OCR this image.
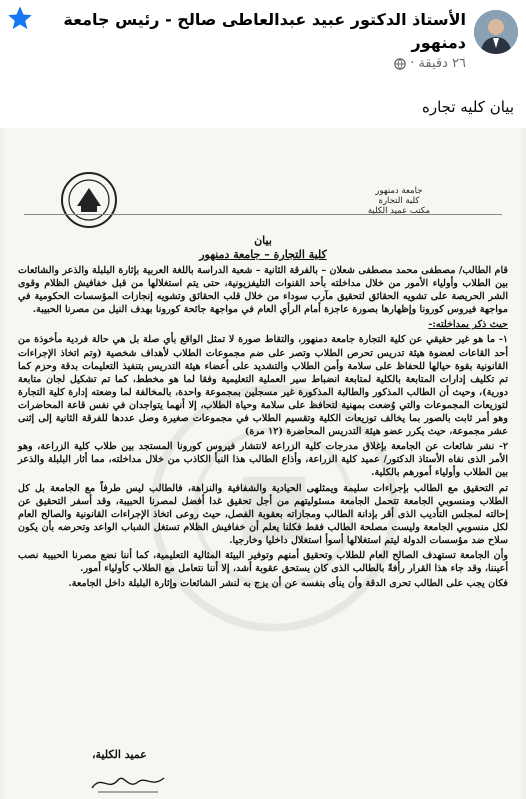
الأستاذ الدكتور عبيد عبدالعاطى صالح - رئيس جامعة دمنهور
٢٦ دقيقة
·
بيان كليه تجاره
جامعة دمنهور
كلية التجارة
مكتب عميد الكلية
بيان
كلية التجارة – جامعة دمنهور

قام الطالب/ مصطفى محمد مصطفى شعلان – بالفرقة الثانية – شعبة الدراسة باللغة العربية بإثارة البلبلة والذعر والشائعات بين الطلاب وأولياء الأمور من خلال مداخلته بأحد القنوات التليفزيونية، حتى يتم استغلالها من قبل خفافيش الظلام وقوى الشر الحريصة على تشويه الحقائق لتحقيق مآرب سوداء من خلال قلب الحقائق وتشويه إنجازات المؤسسات الحكومية في مواجهة فيروس كورونا وإظهارها بصورة عاجزة أمام الرأي العام في مواجهة جائحة كورونا بهدف النيل من مصرنا الحبيبة.

حيث ذكر بمداخلته:-

١- ما هو غير حقيقي عن كلية التجارة جامعة دمنهور، والتقاط صورة لا تمثل الواقع بأي صلة بل هي حالة فردية مأخوذة من أحد القاعات لعضوة هيئة تدريس تحرص الطلاب وتصر على ضم مجموعات الطلاب لأهداف شخصية (وتم اتخاذ الإجراءات القانونية بقوة حيالها للحفاظ على سلامة وأمن الطلاب والتشديد على أعضاء هيئة التدريس بتنفيذ التعليمات بدقة وحزم كما تم تكليف إدارات المتابعة بالكلية لمتابعة انضباط سير العملية التعليمية وفقا لما هو مخطط، كما تم تشكيل لجان متابعة دورية)، وحيث أن الطالب المذكور والطالبة المذكورة غير مسجلين بمجموعة واحدة، بالمخالفة لما وضعته إدارة كلية التجارة لتوزيعات المجموعات والتي وُضعت بمهنية لتحافظ على سلامة وحياة الطلاب، إلا أنهما يتواجدان في نفس قاعة المحاضرات وهو أمر ثابت بالصور بما يخالف توزيعات الكلية وتقسيم الطلاب في مجموعات صغيرة وصل عددها للفرقة الثانية إلى إثنى عشر مجموعة، حيث يكرر عضو هيئة التدريس المحاضرة (١٢ مرة)

٢- نشر شائعات عن الجامعة بإغلاق مدرجات كلية الزراعة لانتشار فيروس كورونا المستجد بين طلاب كلية الزراعة، وهو الأمر الذى نفاه الأستاذ الدكتور/ عميد كلية الزراعة، وأذاع الطالب هذا النبأ الكاذب من خلال مداخلته، مما أثار البلبلة والذعر بين الطلاب وأولياء أمورهم بالكلية.

تم التحقيق مع الطالب بإجراءات سليمة ويمثلهى الحيادية والشفافية والنزاهة، فالطالب ليس طرفاً مع الجامعة بل كل الطلاب ومنسوبي الجامعة تتحمل الجامعة مسئوليتهم من أجل تحقيق غدا أفضل لمصرنا الحبيبة، وقد أسفر التحقيق عن إحالته لمجلس التأديب الذى أقر بإدانة الطالب ومجازاته بعقوبة الفصل، حيث روعى اتخاذ الإجراءات القانونية والصالح العام لكل منسوبي الجامعة وليست مصلحة الطالب فقط فكلنا يعلم أن خفافيش الظلام تستغل الشباب الواعد وتحرضه بأن يكون سلاح ضد مؤسسات الدولة ليتم استغلالها أسوأ استغلال داخليا وخارجيا.

وأن الجامعة تستهدف الصالح العام للطلاب وتحقيق أمنهم وتوفير البيئة المثالية التعليمية، كما أننا نضع مصرنا الحبيبة نصب أعيننا، وقد جاء هذا القرار رأفةً بالطالب الذى كان يستحق عقوبة أشد، إلا أننا نتعامل مع الطلاب كأولياء أمور.

فكان يجب على الطالب تحرى الدقة وأن ينأى بنفسه عن أن يزج به لنشر الشائعات وإثارة البلبلة داخل الجامعة.

عميد الكلية،
